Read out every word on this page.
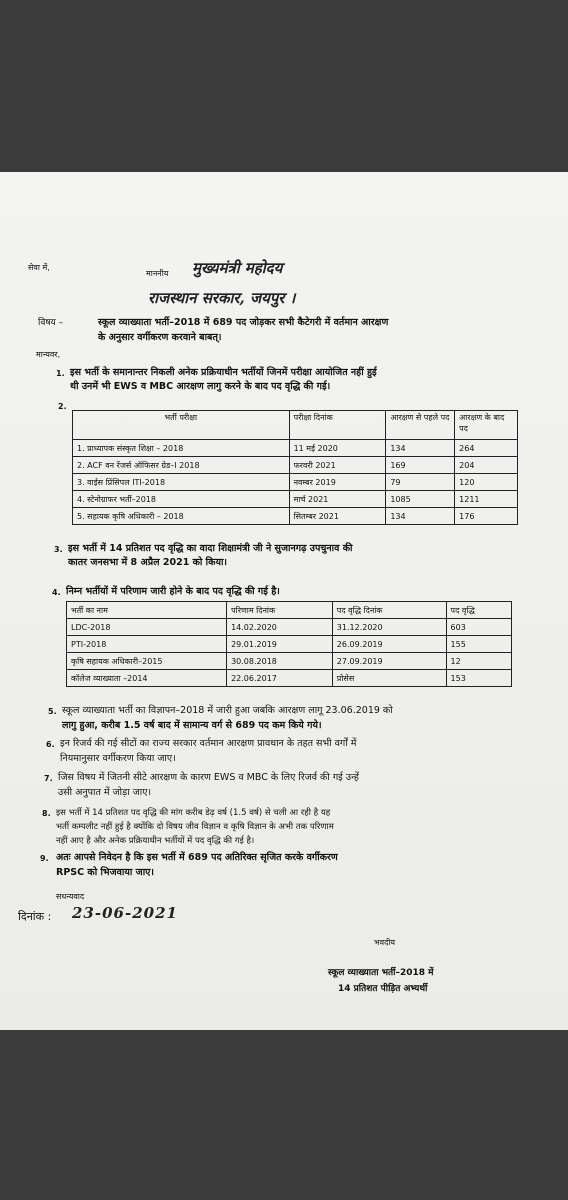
सेवा में,
माननीय मुख्यमंत्री महोदय
राजस्थान सरकार, जयपुर ।
विषय –	स्कूल व्याख्याता भर्ती–2018 में 689 पद जोड़कर सभी कैटेगरी में वर्तमान आरक्षण
के अनुसार वर्गीकरण करवाने बाबत्।
मान्यवर,
1. इस भर्ती के समानान्तर निकली अनेक प्रक्रियाधीन भर्तीयों जिनमें परीक्षा आयोजित नहीं हुई
थी उनमें भी EWS व MBC आरक्षण लागु करने के बाद पद वृद्धि की गई।
2.
भर्ती परीक्षा	परीक्षा दिनांक	आरक्षण से पहले पद	आरक्षण के बाद पद
1. प्राध्यापक संस्कृत शिक्षा – 2018	11 मई 2020	134	264
2. ACF वन रेंजर्स ऑफिसर ग्रेड–I 2018	फरवरी 2021	169	204
3. वाईस प्रिंसिपल ITI-2018	नवम्बर 2019	79	120
4. स्टेनोग्राफर भर्ती–2018	मार्च 2021	1085	1211
5. सहायक कृषि अधिकारी – 2018	सितम्बर 2021	134	176
3. इस भर्ती में 14 प्रतिशत पद वृद्धि का वादा शिक्षामंत्री जी ने सुजानगढ़ उपचुनाव की
कातर जनसभा में 8 अप्रैल 2021 को किया।
4. निम्न भर्तीयों में परिणाम जारी होने के बाद पद वृद्धि की गई है।
भर्ती का नाम	परिणाम दिनांक	पद वृद्धि दिनांक	पद वृद्धि
LDC-2018	14.02.2020	31.12.2020	603
PTI-2018	29.01.2019	26.09.2019	155
कृषि सहायक अधिकारी–2015	30.08.2018	27.09.2019	12
कॉलेज व्याख्याता –2014	22.06.2017	प्रोसेस	153
5. स्कूल व्याख्याता भर्ती का विज्ञापन–2018 में जारी हुआ जबकि आरक्षण लागू 23.06.2019 को
लागु हुआ, करीब 1.5 वर्ष बाद में सामान्य वर्ग से 689 पद कम किये गये।
6. इन रिजर्व की गई सीटों का राज्य सरकार वर्तमान आरक्षण प्रावधान के तहत सभी वर्गों में
नियमानुसार वर्गीकरण किया जाए।
7. जिस विषय में जितनी सीटे आरक्षण के कारण EWS व MBC के लिए रिजर्व की गई उन्हें
उसी अनुपात में जोड़ा जाए।
8. इस भर्ती में 14 प्रतिशत पद वृद्धि की मांग करीब डेढ़ वर्ष (1.5 वर्ष) से चली आ रही है यह
भर्ती कम्पलीट नहीं हुई है क्योंकि दो विषय जीव विज्ञान व कृषि विज्ञान के अभी तक परिणाम
नहीं आए है और अनेक प्रक्रियाधीन भर्तीयों में पद वृद्धि की गई है।
9. अतः आपसे निवेदन है कि इस भर्ती में 689 पद अतिरिक्त सृजित करके वर्गीकरण
RPSC को भिजवाया जाए।
सधन्यवाद
दिनांक : 23-06-2021
भवदीय
स्कूल व्याख्याता भर्ती–2018 में
14 प्रतिशत पीड़ित अभ्यर्थी
